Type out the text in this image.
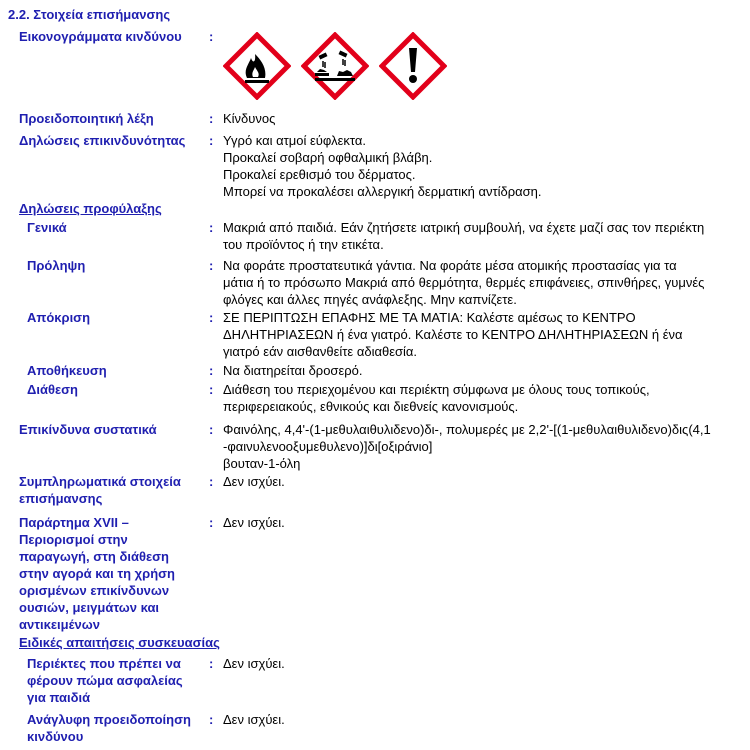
2.2. Στοιχεία επισήμανσης
Εικονογράμματα κινδύνου :
Προειδοποιητική λέξη	: Κίνδυνος
Δηλώσεις επικινδυνότητας : Υγρό και ατμοί εύφλεκτα.
Προκαλεί σοβαρή οφθαλμική βλάβη.
Προκαλεί ερεθισμό του δέρματος.
Μπορεί να προκαλέσει αλλεργική δερματική αντίδραση.
Δηλώσεις προφύλαξης
Γενικά	: Μακριά από παιδιά. Εάν ζητήσετε ιατρική συμβουλή, να έχετε μαζί σας τον περιέκτη
του προϊόντος ή την ετικέτα.
Πρόληψη	: Να φοράτε προστατευτικά γάντια. Να φοράτε μέσα ατομικής προστασίας για τα
μάτια ή το πρόσωπο Μακριά από θερμότητα, θερμές επιφάνειες, σπινθήρες, γυμνές
φλόγες και άλλες πηγές ανάφλεξης. Μην καπνίζετε.
Απόκριση	: ΣΕ ΠΕΡΙΠΤΩΣΗ ΕΠΑΦΗΣ ΜΕ ΤΑ ΜΑΤΙΑ: Καλέστε αμέσως το ΚΕΝΤΡΟ
ΔΗΛΗΤΗΡΙΑΣΕΩΝ ή ένα γιατρό. Καλέστε το ΚΕΝΤΡΟ ΔΗΛΗΤΗΡΙΑΣΕΩΝ ή ένα
γιατρό εάν αισθανθείτε αδιαθεσία.
Αποθήκευση	: Να διατηρείται δροσερό.
Διάθεση	: Διάθεση του περιεχομένου και περιέκτη σύμφωνα με όλους τους τοπικούς,
περιφερειακούς, εθνικούς και διεθνείς κανονισμούς.
Επικίνδυνα συστατικά	: Φαινόλης, 4,4'-(1-μεθυλαιθυλιδενο)δι-, πολυμερές με 2,2'-[(1-μεθυλαιθυλιδενο)δις(4,1
-φαινυλενοοξυμεθυλενο)]δι[οξιράνιο]
βουταν-1-όλη
Συμπληρωματικά στοιχεία
επισήμανσης
: Δεν ισχύει.
Παράρτημα XVII –
Περιορισμοί στην
παραγωγή, στη διάθεση
στην αγορά και τη χρήση
ορισμένων επικίνδυνων
ουσιών, μειγμάτων και
αντικειμένων
: Δεν ισχύει.
Ειδικές απαιτήσεις συσκευασίας
Περιέκτες που πρέπει να
φέρουν πώμα ασφαλείας
για παιδιά
: Δεν ισχύει.
Ανάγλυφη προειδοποίηση
κινδύνου
: Δεν ισχύει.
